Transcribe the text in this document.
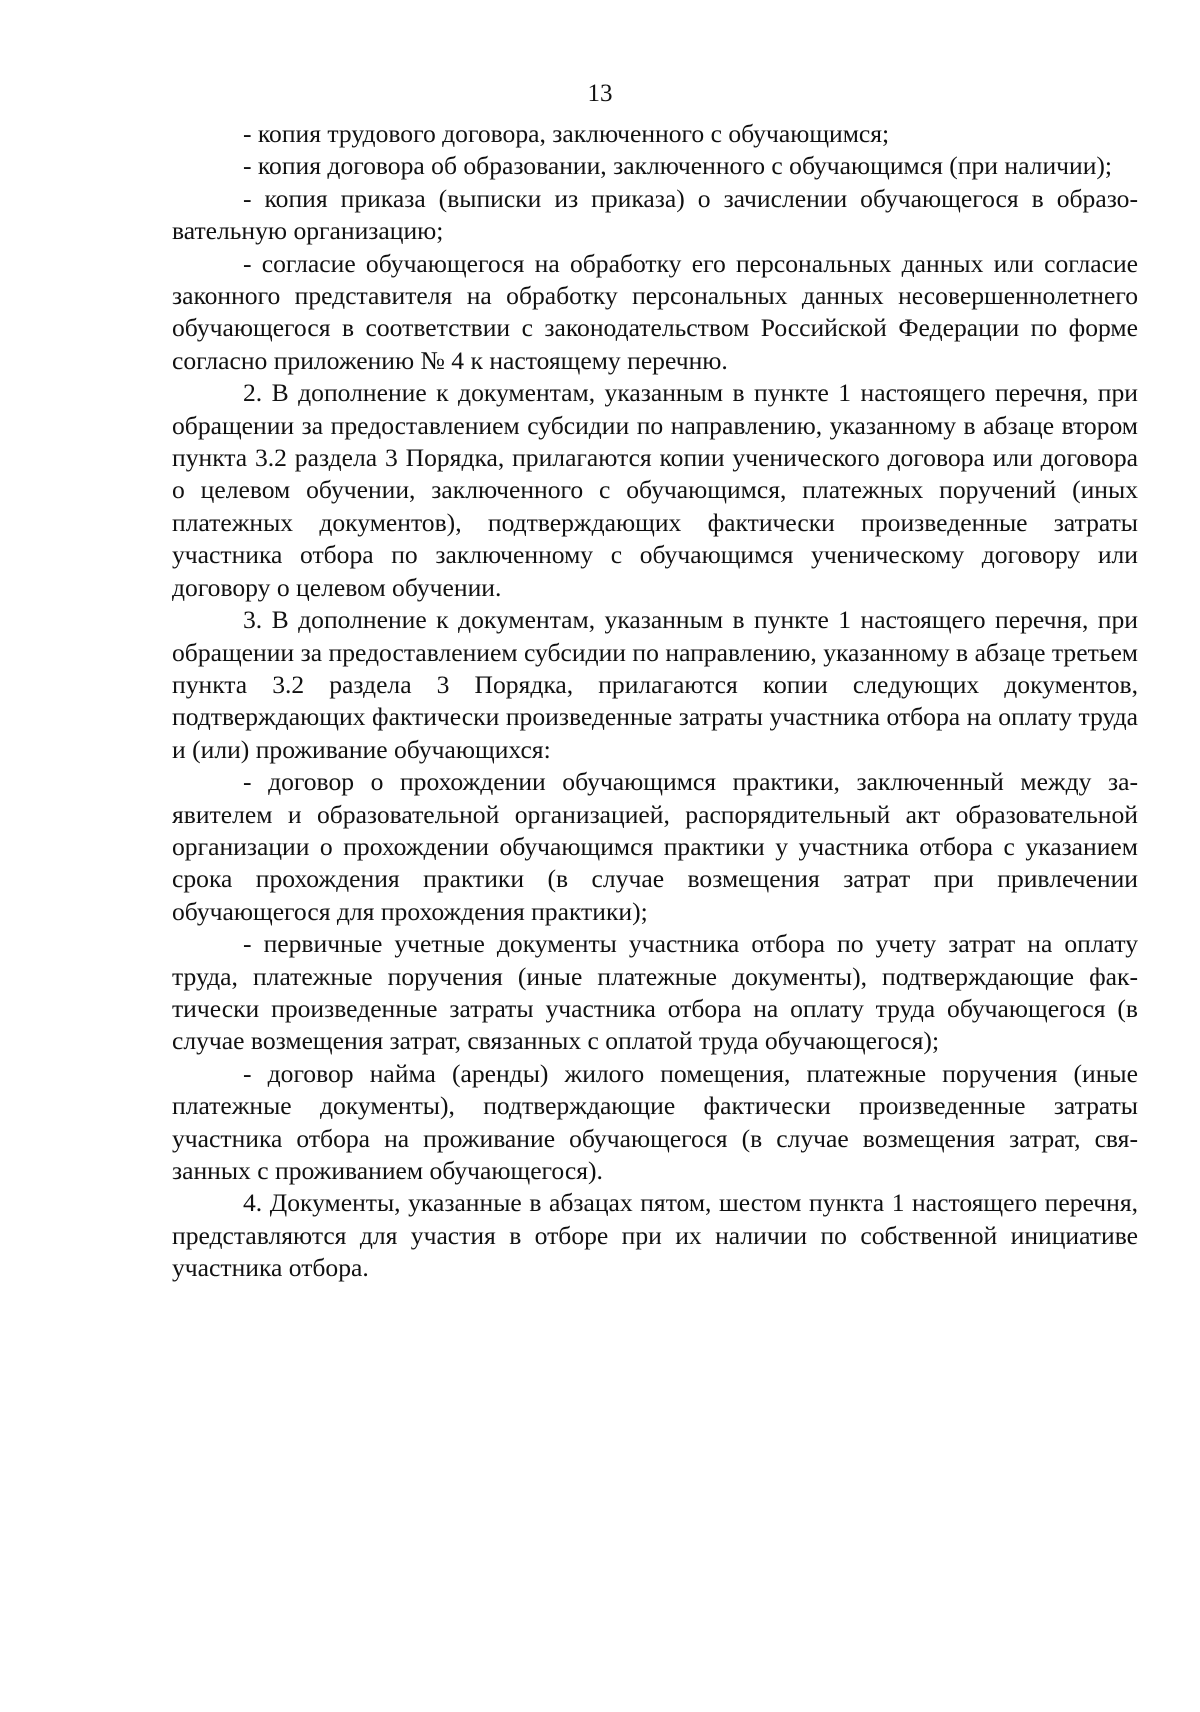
13

- копия трудового договора, заключенного с обучающимся;

- копия договора об образовании, заключенного с обучающимся (при наличии);

- копия приказа (выписки из приказа) о зачислении обучающегося в образовательную организацию;

- согласие обучающегося на обработку его персональных данных или согласие законного представителя на обработку персональных данных несовершеннолетнего обучающегося в соответствии с законодательством Российской Федерации по форме согласно приложению № 4 к настоящему перечню.

2. В дополнение к документам, указанным в пункте 1 настоящего перечня, при обращении за предоставлением субсидии по направлению, указанному в абзаце втором пункта 3.2 раздела 3 Порядка, прилагаются копии ученического договора или договора о целевом обучении, заключенного с обучающимся, платежных поручений (иных платежных документов), подтверждающих фактически произведенные затраты участника отбора по заключенному с обучающимся ученическому договору или договору о целевом обучении.

3. В дополнение к документам, указанным в пункте 1 настоящего перечня, при обращении за предоставлением субсидии по направлению, указанному в абзаце третьем пункта 3.2 раздела 3 Порядка, прилагаются копии следующих документов, подтверждающих фактически произведенные затраты участника отбора на оплату труда и (или) проживание обучающихся:

- договор о прохождении обучающимся практики, заключенный между заявителем и образовательной организацией, распорядительный акт образовательной организации о прохождении обучающимся практики у участника отбора с указанием срока прохождения практики (в случае возмещения затрат при привлечении обучающегося для прохождения практики);

- первичные учетные документы участника отбора по учету затрат на оплату труда, платежные поручения (иные платежные документы), подтверждающие фактически произведенные затраты участника отбора на оплату труда обучающегося (в случае возмещения затрат, связанных с оплатой труда обучающегося);

- договор найма (аренды) жилого помещения, платежные поручения (иные платежные документы), подтверждающие фактически произведенные затраты участника отбора на проживание обучающегося (в случае возмещения затрат, связанных с проживанием обучающегося).

4. Документы, указанные в абзацах пятом, шестом пункта 1 настоящего перечня, представляются для участия в отборе при их наличии по собственной инициативе участника отбора.
